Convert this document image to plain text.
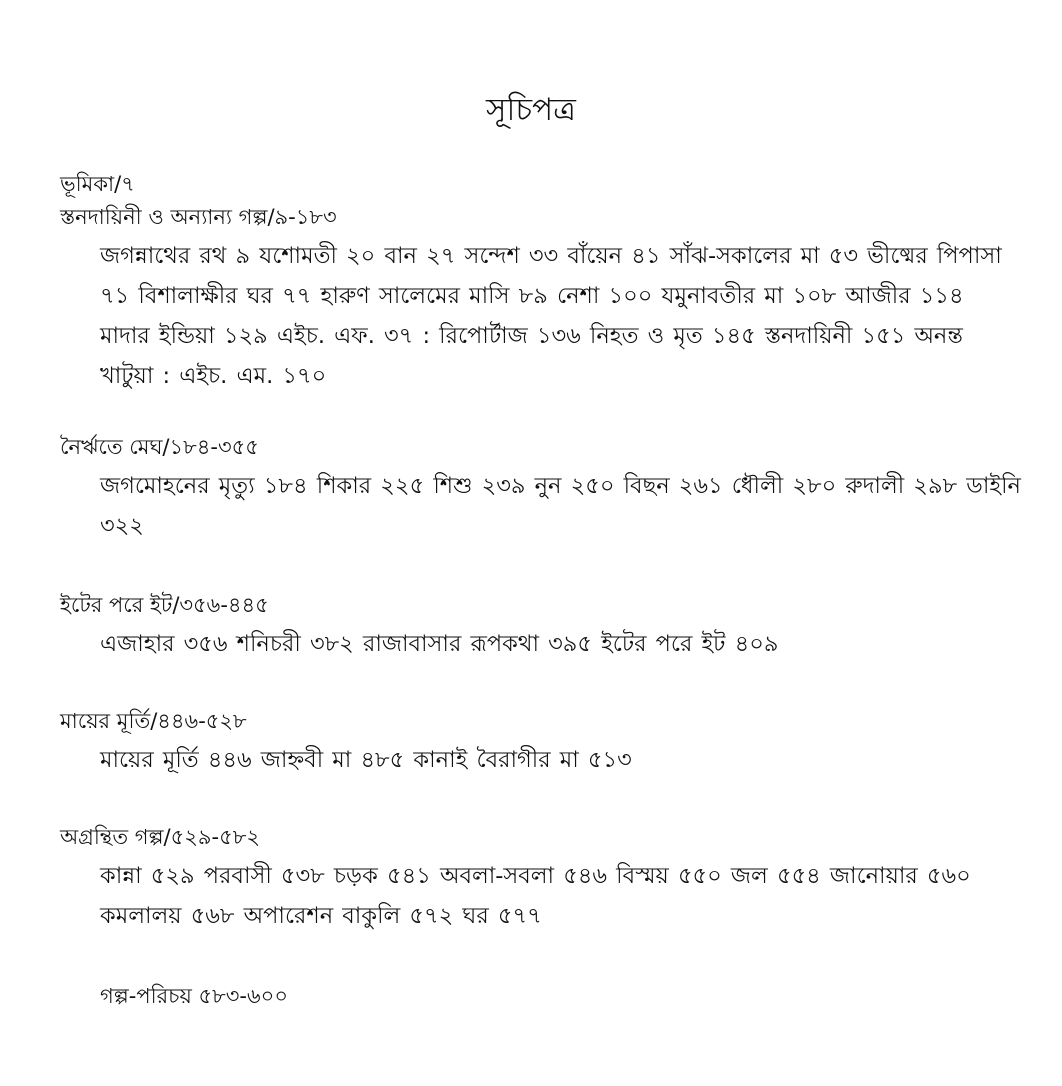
সূচিপত্র
ভূমিকা/৭
স্তনদায়িনী ও অন্যান্য গল্প/৯-১৮৩
জগন্নাথের রথ ৯ যশোমতী ২০ বান ২৭ সন্দেশ ৩৩ বাঁয়েন ৪১ সাঁঝ-সকালের মা ৫৩ ভীষ্মের পিপাসা ৭১ বিশালাক্ষীর ঘর ৭৭ হারুণ সালেমের মাসি ৮৯ নেশা ১০০ যমুনাবতীর মা ১০৮ আজীর ১১৪ মাদার ইন্ডিয়া ১২৯ এইচ. এফ. ৩৭ : রিপোর্টাজ ১৩৬ নিহত ও মৃত ১৪৫ স্তনদায়িনী ১৫১ অনন্ত খাটুয়া : এইচ. এম. ১৭০
নৈর্ঋতে মেঘ/১৮৪-৩৫৫
জগমোহনের মৃত্যু ১৮৪ শিকার ২২৫ শিশু ২৩৯ নুন ২৫০ বিছন ২৬১ ধৌলী ২৮০ রুদালী ২৯৮ ডাইনি ৩২২
ইটের পরে ইট/৩৫৬-৪৪৫
এজাহার ৩৫৬ শনিচরী ৩৮২ রাজাবাসার রূপকথা ৩৯৫ ইটের পরে ইট ৪০৯
মায়ের মূর্তি/৪৪৬-৫২৮
মায়ের মূর্তি ৪৪৬ জাহ্নবী মা ৪৮৫ কানাই বৈরাগীর মা ৫১৩
অগ্রন্থিত গল্প/৫২৯-৫৮২
কান্না ৫২৯ পরবাসী ৫৩৮ চড়ক ৫৪১ অবলা-সবলা ৫৪৬ বিস্ময় ৫৫০ জল ৫৫৪ জানোয়ার ৫৬০ কমলালয় ৫৬৮ অপারেশন বাকুলি ৫৭২ ঘর ৫৭৭
গল্প-পরিচয় ৫৮৩-৬০০
